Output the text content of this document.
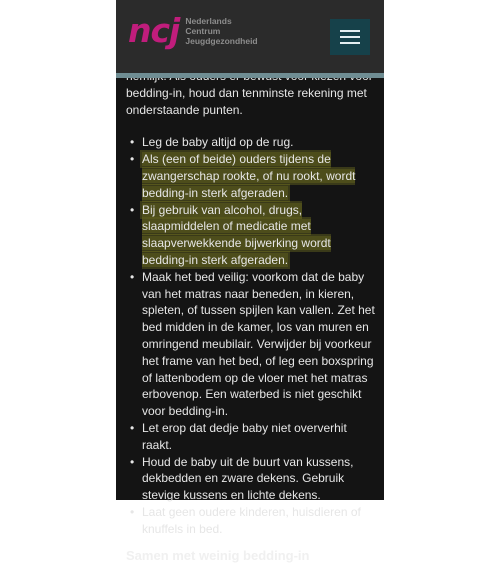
bedding-in, houd dan tenminste rekening met onderstaande punten.

• Leg de baby altijd op de rug.
• Als (een of beide) ouders tijdens de zwangerschap rookte, of nu rookt, wordt bedding-in sterk afgeraden.
• Bij gebruik van alcohol, drugs, slaapmiddelen of medicatie met slaapverwekkende bijwerking wordt bedding-in sterk afgeraden.
• Maak het bed veilig: voorkom dat de baby van het matras naar beneden, in kieren, spleten, of tussen spijlen kan vallen. Zet het bed midden in de kamer, los van muren en omringend meubilair. Verwijder bij voorkeur het frame van het bed, of leg een boxspring of lattenbodem op de vloer met het matras erbovenop. Een waterbed is niet geschikt voor bedding-in.
• Let erop dat dedje baby niet oververhit raakt.
• Houd de baby uit de buurt van kussens, dekbedden en zware dekens. Gebruik stevige kussens en lichte dekens.
• Laat geen oudere kinderen, huisdieren of knuffels in bed.

Samen met weinig bedding-in

ncj Nederlands
Centrum
Jeugdgezondheid
